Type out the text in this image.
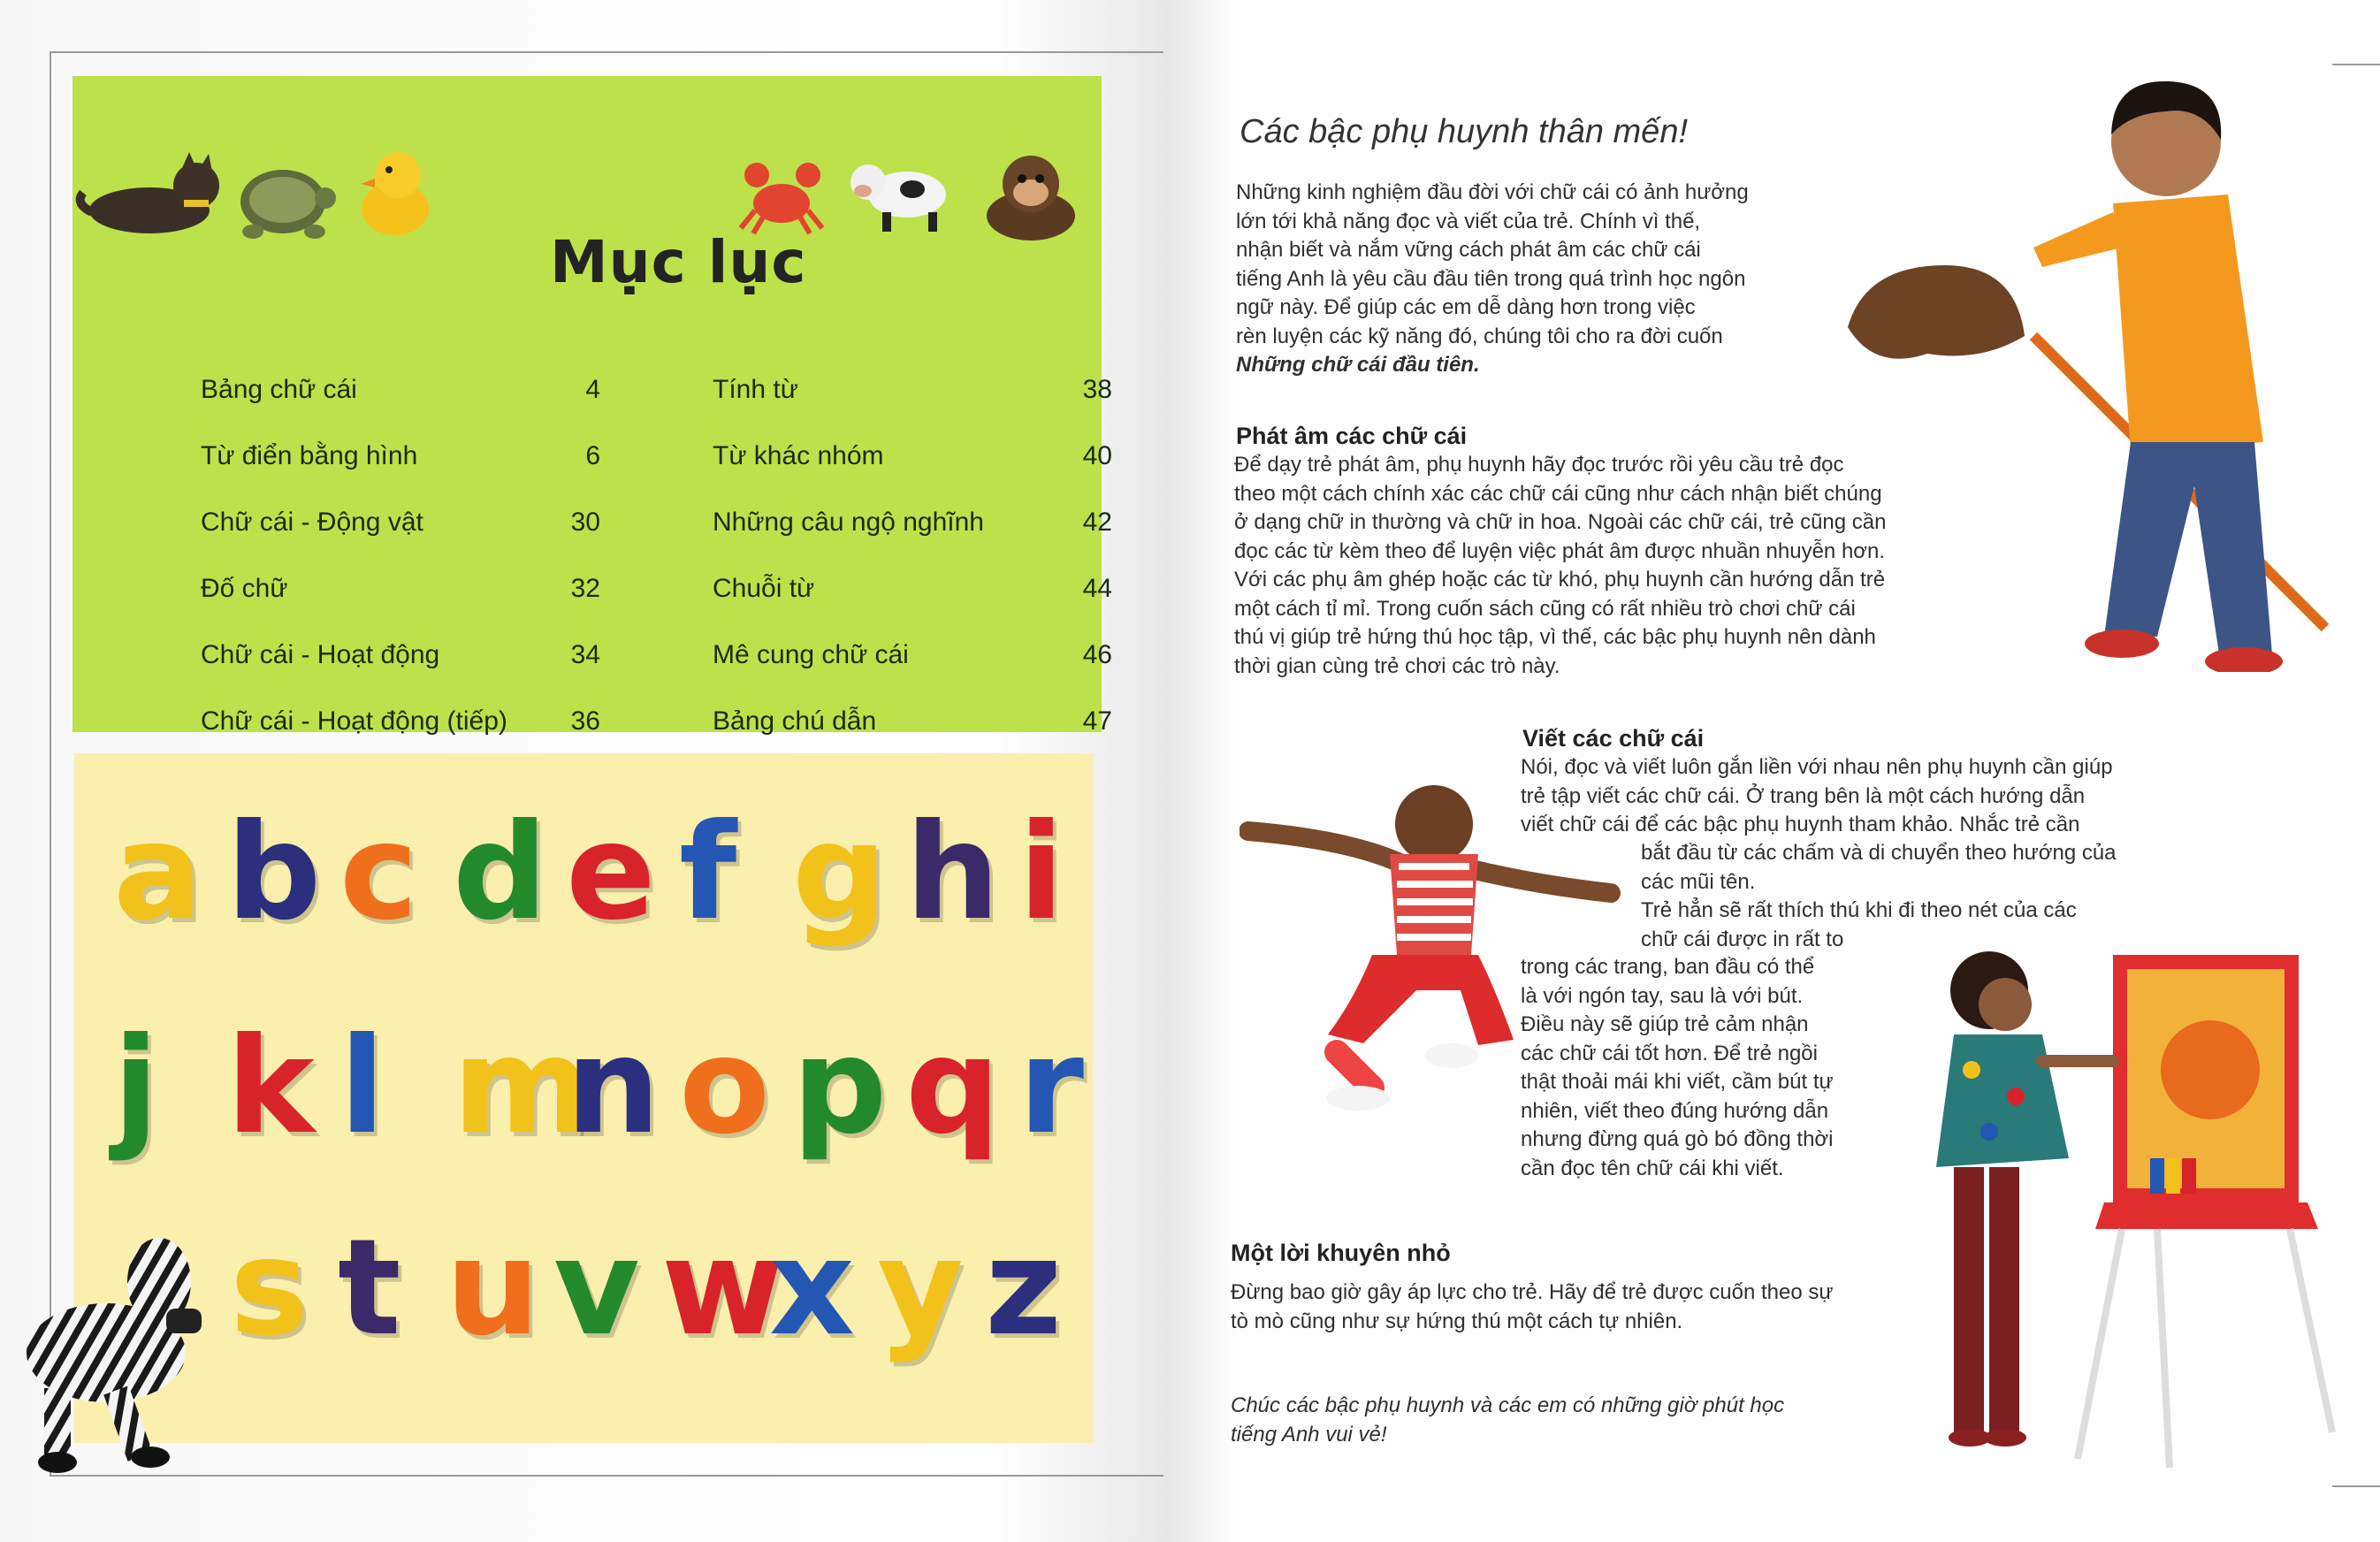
Mục lục
Bảng chữ cái	4
Từ điển bằng hình	6
Chữ cái - Động vật	30
Đố chữ	32
Chữ cái - Hoạt động	34
Chữ cái - Hoạt động (tiếp)	36
Tính từ	38
Từ khác nhóm	40
Những câu ngộ nghĩnh	42
Chuỗi từ	44
Mê cung chữ cái	46
Bảng chú dẫn	47
a b c d e f g h i
j k l m
n o p q r
s t u v w
x y z
Các bậc phụ huynh thân mến!
Những kinh nghiệm đầu đời với chữ cái có ảnh hưởng
lớn tới khả năng đọc và viết của trẻ. Chính vì thế,
nhận biết và nắm vững cách phát âm các chữ cái
tiếng Anh là yêu cầu đầu tiên trong quá trình học ngôn
ngữ này. Để giúp các em dễ dàng hơn trong việc
rèn luyện các kỹ năng đó, chúng tôi cho ra đời cuốn
Những chữ cái đầu tiên.
Phát âm các chữ cái
Để dạy trẻ phát âm, phụ huynh hãy đọc trước rồi yêu cầu trẻ đọc
theo một cách chính xác các chữ cái cũng như cách nhận biết chúng
ở dạng chữ in thường và chữ in hoa. Ngoài các chữ cái, trẻ cũng cần
đọc các từ kèm theo để luyện việc phát âm được nhuần nhuyễn hơn.
Với các phụ âm ghép hoặc các từ khó, phụ huynh cần hướng dẫn trẻ
một cách tỉ mỉ. Trong cuốn sách cũng có rất nhiều trò chơi chữ cái
thú vị giúp trẻ hứng thú học tập, vì thế, các bậc phụ huynh nên dành
thời gian cùng trẻ chơi các trò này.
Viết các chữ cái
Nói, đọc và viết luôn gắn liền với nhau nên phụ huynh cần giúp
trẻ tập viết các chữ cái. Ở trang bên là một cách hướng dẫn
viết chữ cái để các bậc phụ huynh tham khảo. Nhắc trẻ cần
bắt đầu từ các chấm và di chuyển theo hướng của
các mũi tên.
Trẻ hẳn sẽ rất thích thú khi đi theo nét của các
chữ cái được in rất to
trong các trang, ban đầu có thể
là với ngón tay, sau là với bút.
Điều này sẽ giúp trẻ cảm nhận
các chữ cái tốt hơn. Để trẻ ngồi
thật thoải mái khi viết, cầm bút tự
nhiên, viết theo đúng hướng dẫn
nhưng đừng quá gò bó đồng thời
cần đọc tên chữ cái khi viết.
Một lời khuyên nhỏ
Đừng bao giờ gây áp lực cho trẻ. Hãy để trẻ được cuốn theo sự
tò mò cũng như sự hứng thú một cách tự nhiên.
Chúc các bậc phụ huynh và các em có những giờ phút học
tiếng Anh vui vẻ!
